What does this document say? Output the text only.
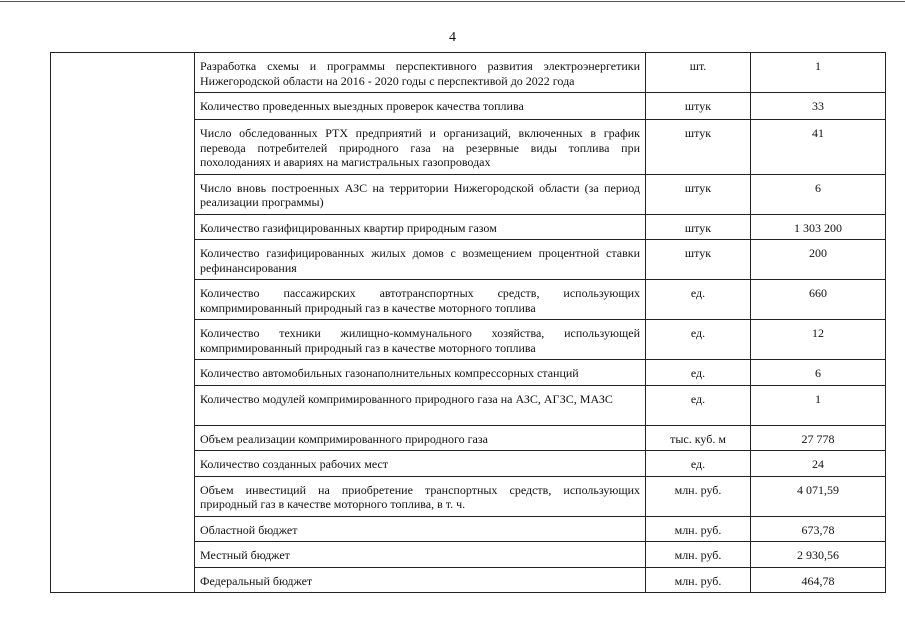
4
	Разработка схемы и программы перспективного развития электроэнергетики Нижегородской области на 2016 - 2020 годы с перспективой до 2022 года	шт.	1
	Количество проведенных выездных проверок качества топлива	штук	33
	Число обследованных РТХ предприятий и организаций, включенных в график перевода потребителей природного газа на резервные виды топлива при похолоданиях и авариях на магистральных газопроводах	штук	41
	Число вновь построенных АЗС на территории Нижегородской области (за период реализации программы)	штук	6
	Количество газифицированных квартир природным газом	штук	1 303 200
	Количество газифицированных жилых домов с возмещением процентной ставки рефинансирования	штук	200
	Количество пассажирских автотранспортных средств, использующих компримированный природный газ в качестве моторного топлива	ед.	660
	Количество техники жилищно-коммунального хозяйства, использующей компримированный природный газ в качестве моторного топлива	ед.	12
	Количество автомобильных газонаполнительных компрессорных станций	ед.	6
	Количество модулей компримированного природного газа на АЗС, АГЗС, МАЗС	ед.	1
	Объем реализации компримированного природного газа	тыс. куб. м	27 778
	Количество созданных рабочих мест	ед.	24
	Объем инвестиций на приобретение транспортных средств, использующих природный газ в качестве моторного топлива, в т. ч.	млн. руб.	4 071,59
	Областной бюджет	млн. руб.	673,78
	Местный бюджет	млн. руб.	2 930,56
	Федеральный бюджет	млн. руб.	464,78
